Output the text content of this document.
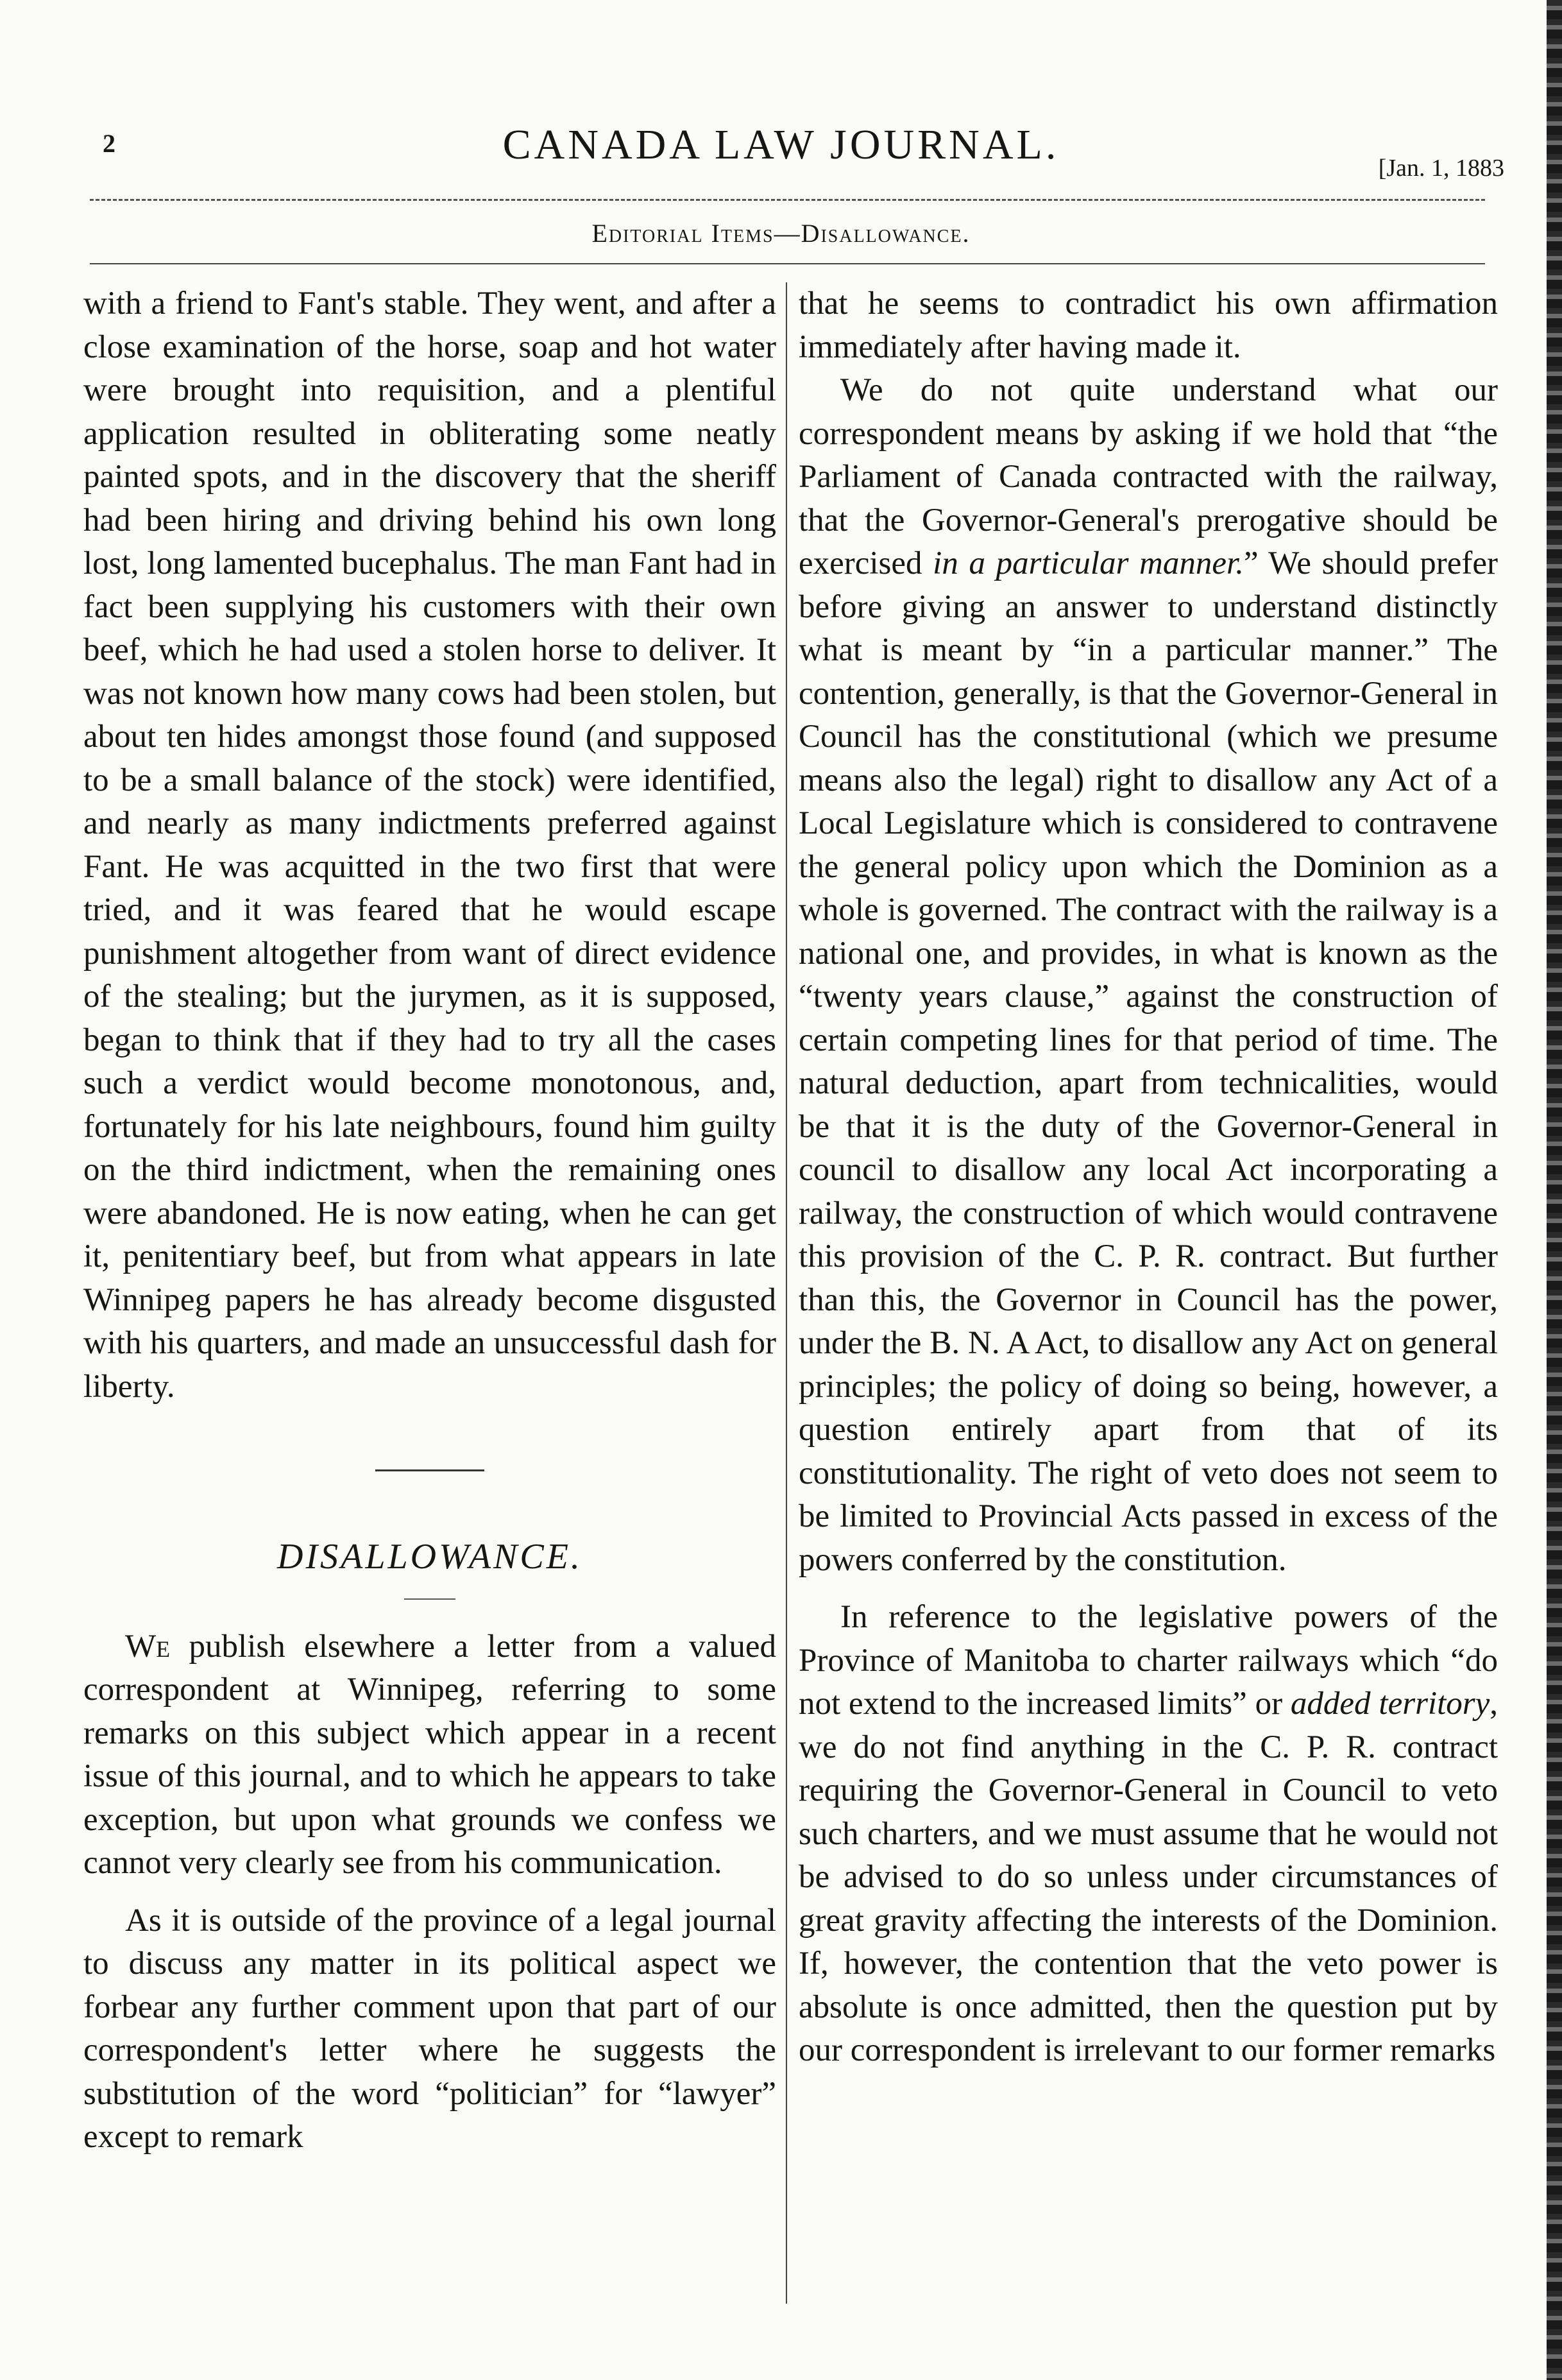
2	CANADA LAW JOURNAL.	[Jan. 1, 1883
Editorial Items—Disallowance.

with a friend to Fant's stable. They went, and after a close examination of the horse, soap and hot water were brought into requisition, and a plentiful application resulted in obliterating some neatly painted spots, and in the discovery that the sheriff had been hiring and driving behind his own long lost, long lamented bucephalus. The man Fant had in fact been supplying his customers with their own beef, which he had used a stolen horse to deliver. It was not known how many cows had been stolen, but about ten hides amongst those found (and supposed to be a small balance of the stock) were identified, and nearly as many indictments preferred against Fant. He was acquitted in the two first that were tried, and it was feared that he would escape punishment altogether from want of direct evidence of the stealing; but the jurymen, as it is supposed, began to think that if they had to try all the cases such a verdict would become monotonous, and, fortunately for his late neighbours, found him guilty on the third indictment, when the remaining ones were abandoned. He is now eating, when he can get it, penitentiary beef, but from what appears in late Winnipeg papers he has already become disgusted with his quarters, and made an unsuccessful dash for liberty.

DISALLOWANCE.

We publish elsewhere a letter from a valued correspondent at Winnipeg, referring to some remarks on this subject which appear in a recent issue of this journal, and to which he appears to take exception, but upon what grounds we confess we cannot very clearly see from his communication.

As it is outside of the province of a legal journal to discuss any matter in its political aspect we forbear any further comment upon that part of our correspondent's letter where he suggests the substitution of the word “politician” for “lawyer” except to remark

that he seems to contradict his own affirmation immediately after having made it.

We do not quite understand what our correspondent means by asking if we hold that “the Parliament of Canada contracted with the railway, that the Governor-General's prerogative should be exercised in a particular manner.” We should prefer before giving an answer to understand distinctly what is meant by “in a particular manner.” The contention, generally, is that the Governor-General in Council has the constitutional (which we presume means also the legal) right to disallow any Act of a Local Legislature which is considered to contravene the general policy upon which the Dominion as a whole is governed. The contract with the railway is a national one, and provides, in what is known as the “twenty years clause,” against the construction of certain competing lines for that period of time. The natural deduction, apart from technicalities, would be that it is the duty of the Governor-General in council to disallow any local Act incorporating a railway, the construction of which would contravene this provision of the C. P. R. contract. But further than this, the Governor in Council has the power, under the B. N. A Act, to disallow any Act on general principles; the policy of doing so being, however, a question entirely apart from that of its constitutionality. The right of veto does not seem to be limited to Provincial Acts passed in excess of the powers conferred by the constitution.

In reference to the legislative powers of the Province of Manitoba to charter railways which “do not extend to the increased limits” or added territory, we do not find anything in the C. P. R. contract requiring the Governor-General in Council to veto such charters, and we must assume that he would not be advised to do so unless under circumstances of great gravity affecting the interests of the Dominion. If, however, the contention that the veto power is absolute is once admitted, then the question put by our correspondent is irrelevant to our former remarks
